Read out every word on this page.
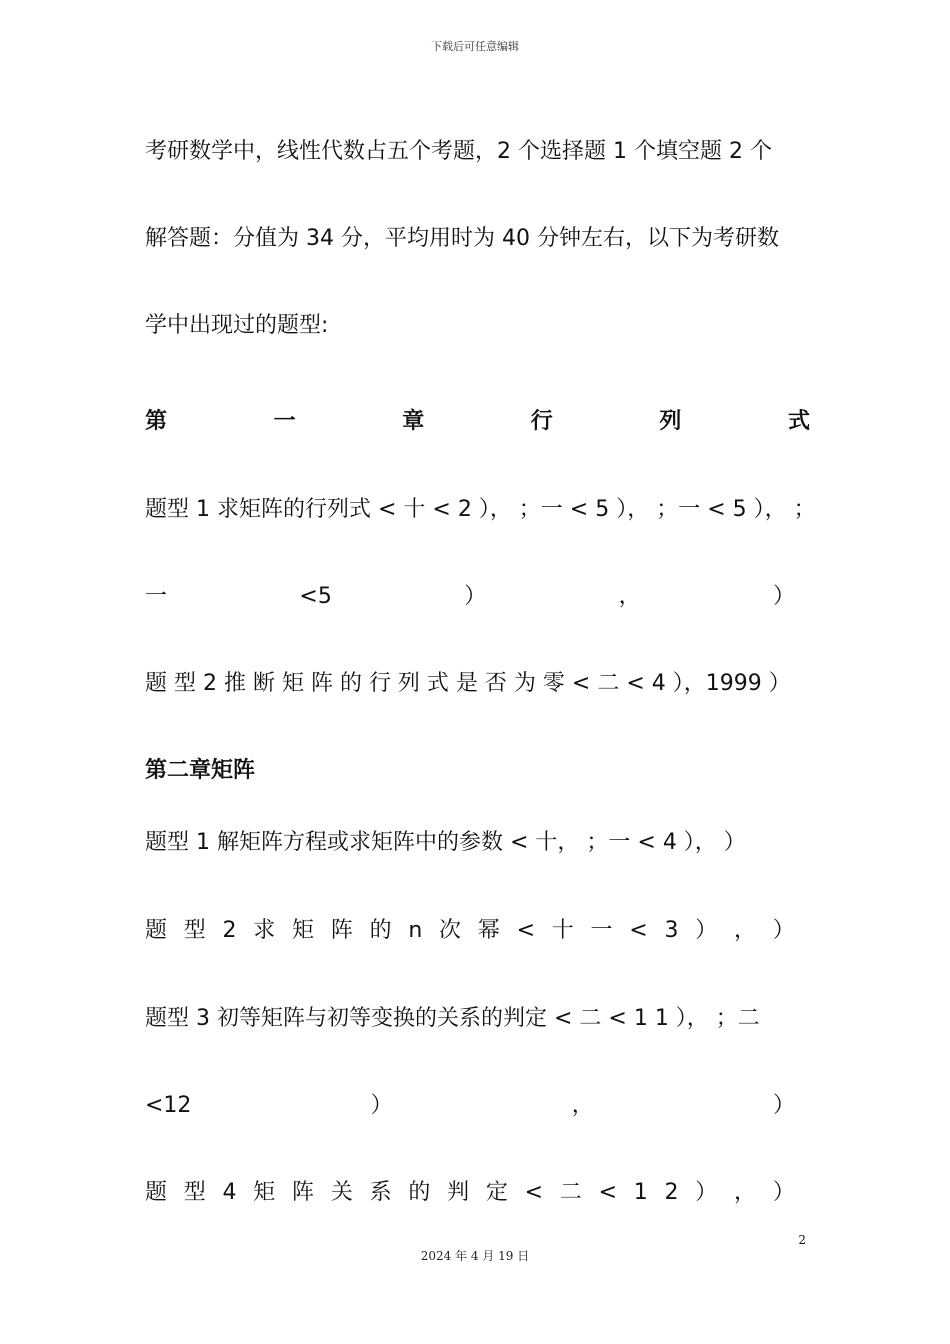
下载后可任意编辑
考研数学中，线性代数占五个考题，2 个选择题 1 个填空题 2 个
解答题：分值为 34 分，平均用时为 40 分钟左右，以下为考研数
学中出现过的题型:
第	一	章	行	列	式
题型 1 求矩阵的行列式 < 十 < 2 ）， ；一 < 5 ）， ；一 < 5 ）， ；
一	<5	）	，	）
题 型 2 推 断 矩 阵 的 行 列 式 是 否 为 零 < 二 < 4 ），1999 ）
第二章矩阵
题型 1 解矩阵方程或求矩阵中的参数 < 十， ；一 < 4 ）， ）
题 型 2 求 矩 阵 的 n 次 幂 < 十 一 < 3 ） ， ）
题型 3 初等矩阵与初等变换的关系的判定 < 二 < 1 1 ）， ；二
<12	）	，	）
题 型 4 矩 阵 关 系 的 判 定 < 二 < 1 2 ） ， ）
2
2024 年 4 月 19 日
